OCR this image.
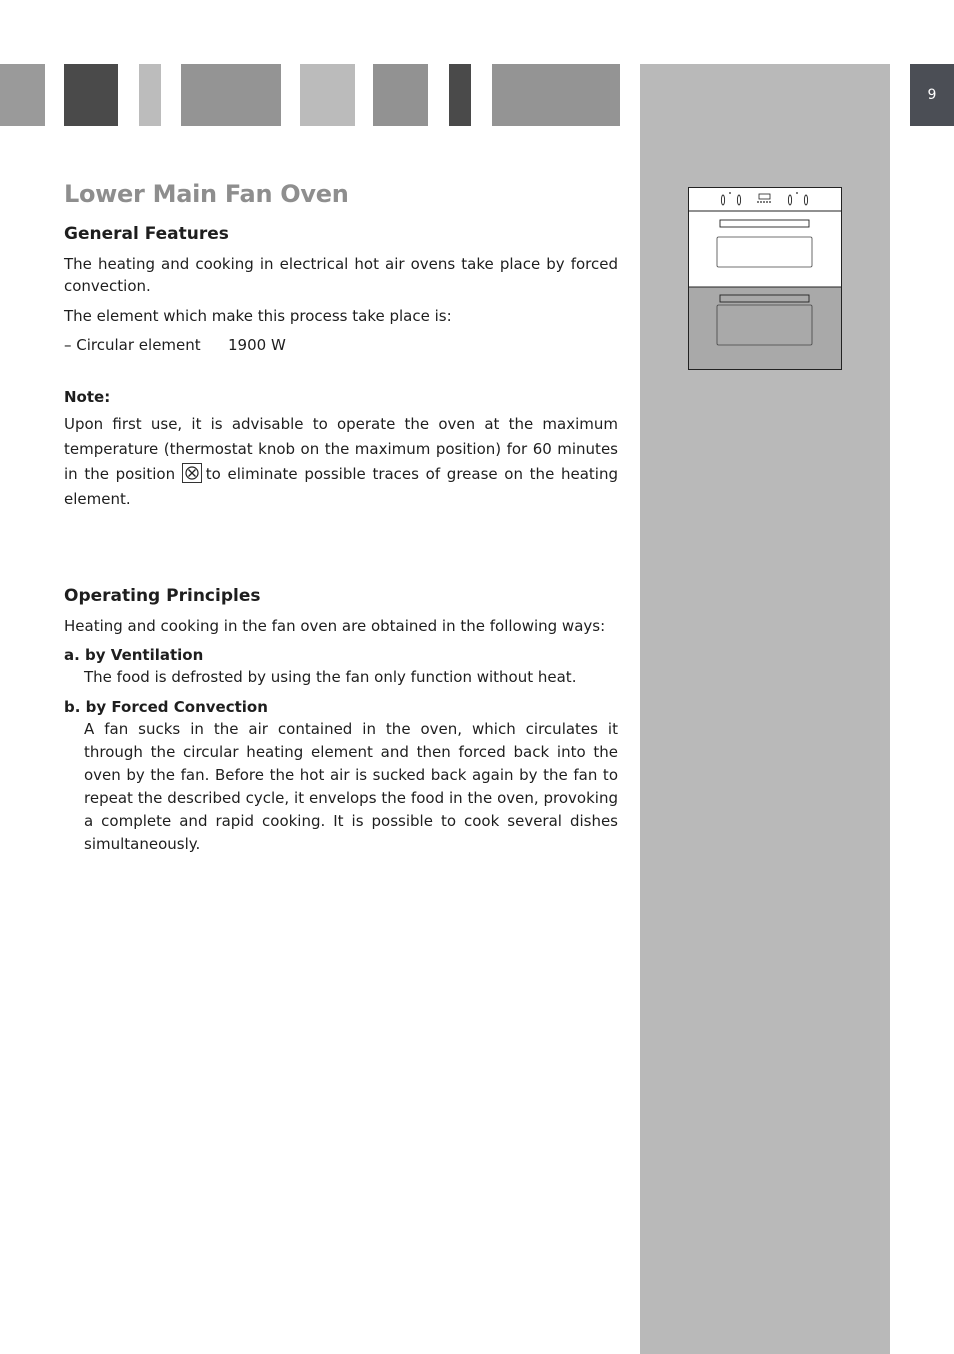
9
Lower Main Fan Oven
General Features

The heating and cooking in electrical hot air ovens take place by forced convection.

The element which make this process take place is:

– Circular element	1900 W
Note:

Upon first use, it is advisable to operate the oven at the maximum temperature (thermostat knob on the maximum position) for 60 minutes in the position to eliminate possible traces of grease on the heating element.

Operating Principles

Heating and cooking in the fan oven are obtained in the following ways:

a. by Ventilation
The food is defrosted by using the fan only function without heat.
b. by Forced Convection
A fan sucks in the air contained in the oven, which circulates it through the circular heating element and then forced back into the oven by the fan. Before the hot air is sucked back again by the fan to repeat the described cycle, it envelops the food in the oven, provoking a complete and rapid cooking. It is possible to cook several dishes simultaneously.
